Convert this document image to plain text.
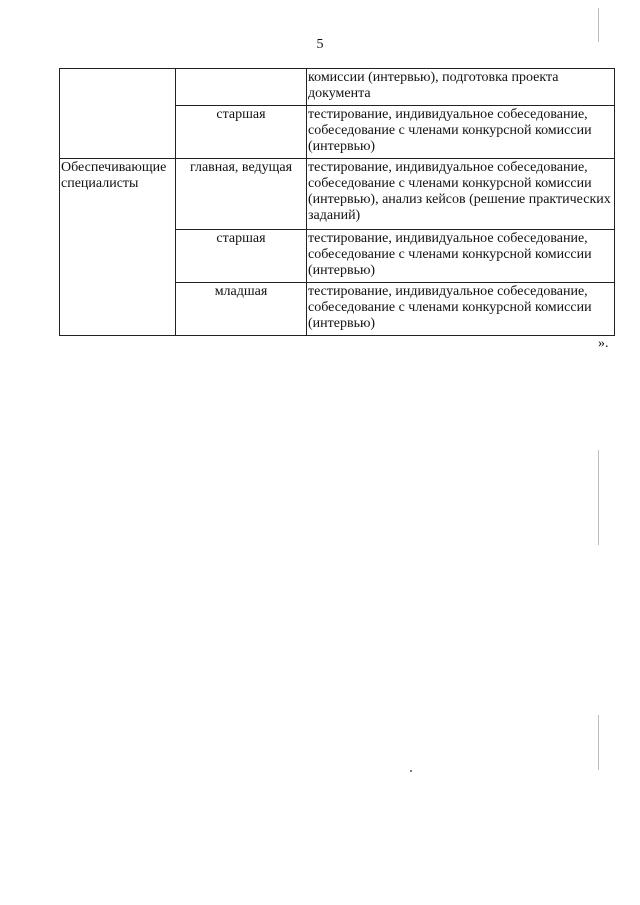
5
		комиссии (интервью), подготовка проекта документа
	старшая	тестирование, индивидуальное собеседование, собеседование с членами конкурсной комиссии (интервью)
Обеспечивающие специалисты	главная, ведущая	тестирование, индивидуальное собеседование, собеседование с членами конкурсной комиссии (интервью), анализ кейсов (решение практических заданий)
	старшая	тестирование, индивидуальное собеседование, собеседование с членами конкурсной комиссии (интервью)
	младшая	тестирование, индивидуальное собеседование, собеседование с членами конкурсной комиссии (интервью)
».
